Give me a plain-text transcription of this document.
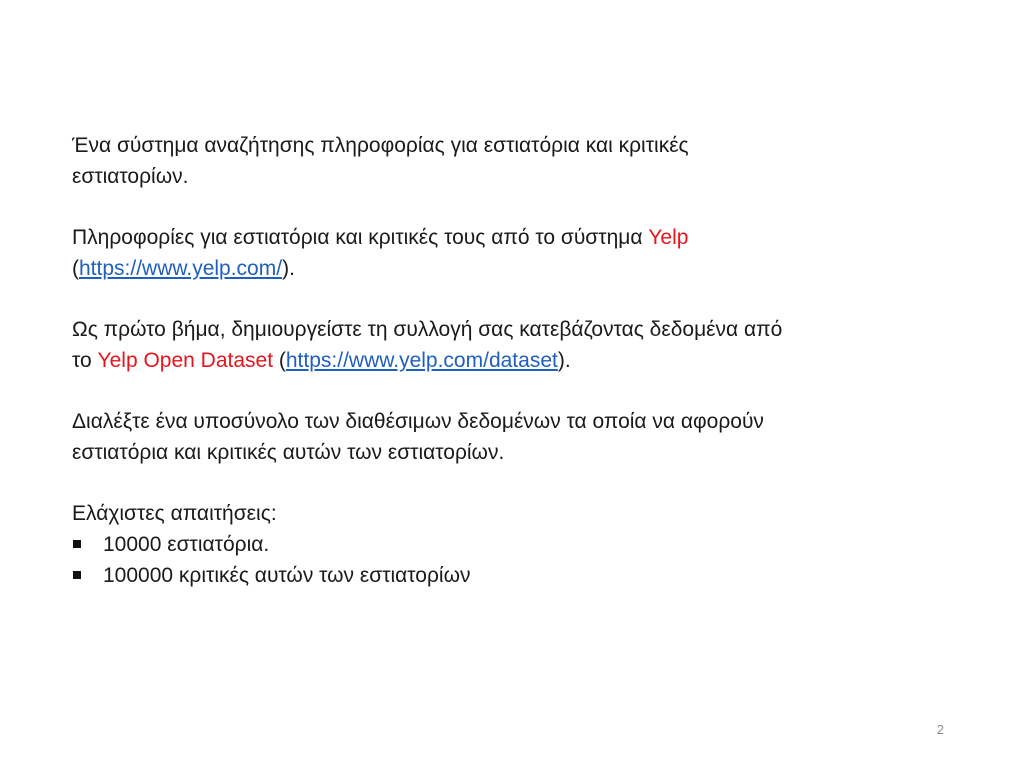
Ένα σύστημα αναζήτησης πληροφορίας για εστιατόρια και κριτικές
εστιατορίων.

Πληροφορίες για εστιατόρια και κριτικές τους από το σύστημα Yelp
(https://www.yelp.com/).

Ως πρώτο βήμα, δημιουργείστε τη συλλογή σας κατεβάζοντας δεδομένα από
το Yelp Open Dataset (https://www.yelp.com/dataset).

Διαλέξτε ένα υποσύνολο των διαθέσιμων δεδομένων τα οποία να αφορούν
εστιατόρια και κριτικές αυτών των εστιατορίων.

Ελάχιστες απαιτήσεις:
10000 εστιατόρια.
100000 κριτικές αυτών των εστιατορίων
2
